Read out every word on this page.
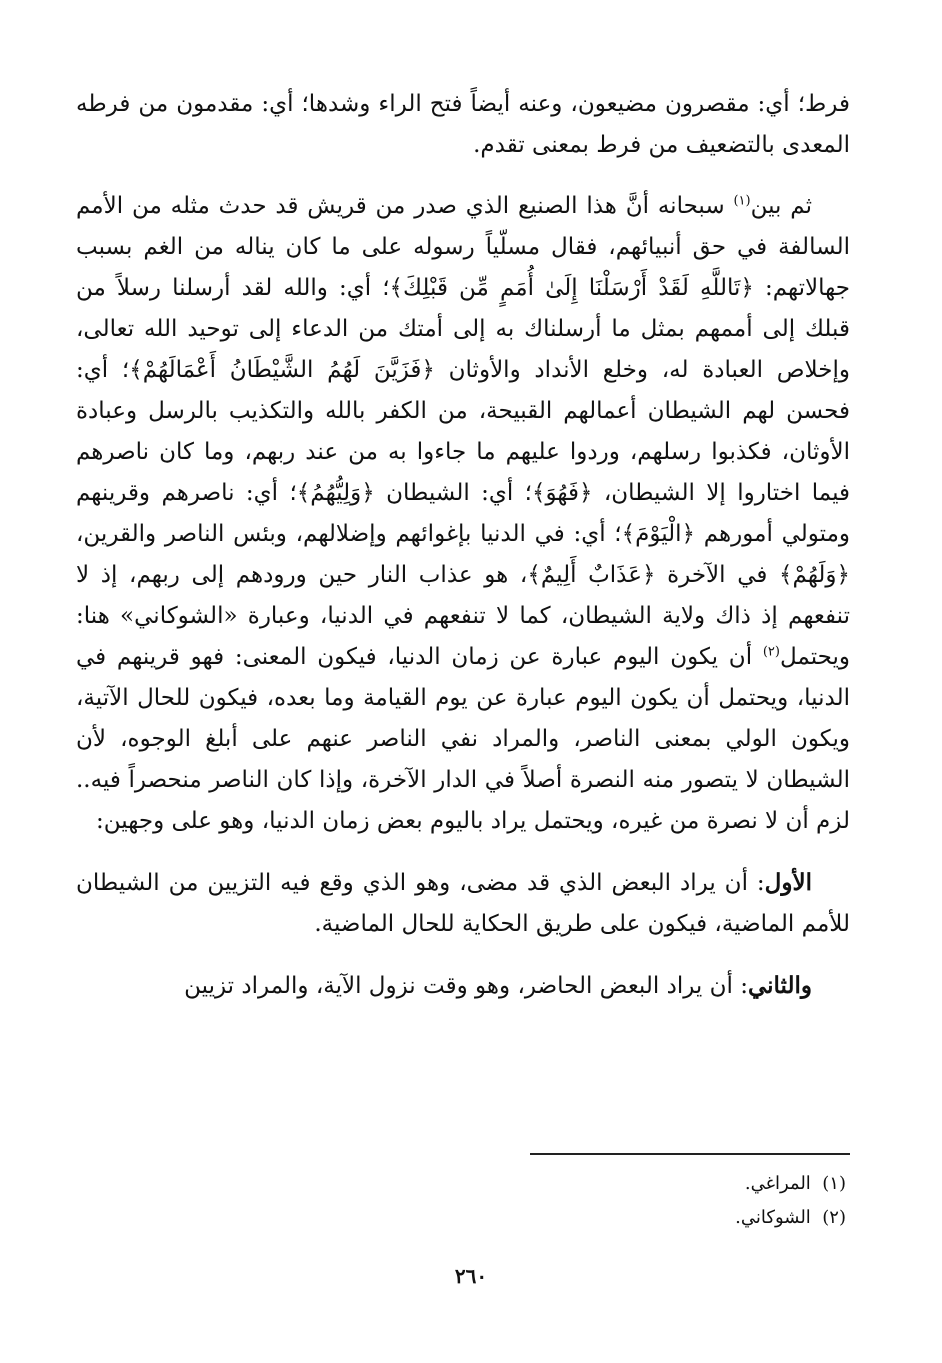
فرط؛ أي: مقصرون مضيعون، وعنه أيضاً فتح الراء وشدها؛ أي: مقدمون من فرطه المعدى بالتضعيف من فرط بمعنى تقدم.

ثم بين$^{(١)}$ سبحانه أنَّ هذا الصنيع الذي صدر من قريش قد حدث مثله من الأمم السالفة في حق أنبيائهم، فقال مسلّياً رسوله على ما كان يناله من الغم بسبب جهالاتهم: ﴿تَاللَّهِ لَقَدْ أَرْسَلْنَا إِلَىٰ أُمَمٍ مِّن قَبْلِكَ﴾؛ أي: والله لقد أرسلنا رسلاً من قبلك إلى أممهم بمثل ما أرسلناك به إلى أمتك من الدعاء إلى توحيد الله تعالى، وإخلاص العبادة له، وخلع الأنداد والأوثان ﴿فَزَيَّنَ لَهُمُ الشَّيْطَانُ أَعْمَالَهُمْ﴾؛ أي: فحسن لهم الشيطان أعمالهم القبيحة، من الكفر بالله والتكذيب بالرسل وعبادة الأوثان، فكذبوا رسلهم، وردوا عليهم ما جاءوا به من عند ربهم، وما كان ناصرهم فيما اختاروا إلا الشيطان، ﴿فَهُوَ﴾؛ أي: الشيطان ﴿وَلِيُّهُمُ﴾؛ أي: ناصرهم وقرينهم ومتولي أمورهم ﴿الْيَوْمَ﴾؛ أي: في الدنيا بإغوائهم وإضلالهم، وبئس الناصر والقرين، ﴿وَلَهُمْ﴾ في الآخرة ﴿عَذَابٌ أَلِيمٌ﴾، هو عذاب النار حين ورودهم إلى ربهم، إذ لا تنفعهم إذ ذاك ولاية الشيطان، كما لا تنفعهم في الدنيا، وعبارة «الشوكاني» هنا: ويحتمل$^{(٢)}$ أن يكون اليوم عبارة عن زمان الدنيا، فيكون المعنى: فهو قرينهم في الدنيا، ويحتمل أن يكون اليوم عبارة عن يوم القيامة وما بعده، فيكون للحال الآتية، ويكون الولي بمعنى الناصر، والمراد نفي الناصر عنهم على أبلغ الوجوه، لأن الشيطان لا يتصور منه النصرة أصلاً في الدار الآخرة، وإذا كان الناصر منحصراً فيه.. لزم أن لا نصرة من غيره، ويحتمل يراد باليوم بعض زمان الدنيا، وهو على وجهين:

الأول: أن يراد البعض الذي قد مضى، وهو الذي وقع فيه التزيين من الشيطان للأمم الماضية، فيكون على طريق الحكاية للحال الماضية.

والثاني: أن يراد البعض الحاضر، وهو وقت نزول الآية، والمراد تزيين

(١)  المراغي.
(٢)  الشوكاني.
٢٦٠
